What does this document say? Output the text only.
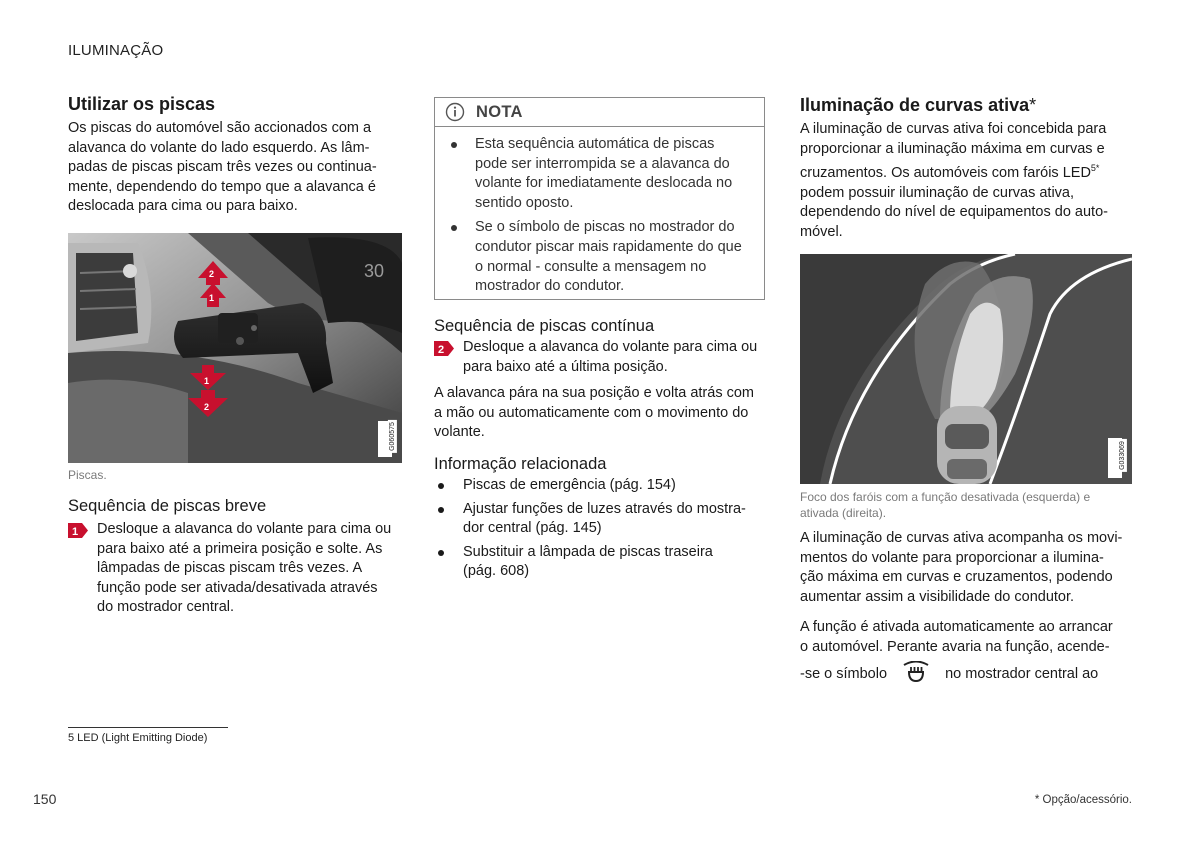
ILUMINAÇÃO
Utilizar os piscas

Os piscas do automóvel são accionados com a

alavanca do volante do lado esquerdo. As lâm-

padas de piscas piscam três vezes ou continua-

mente, dependendo do tempo que a alavanca é

deslocada para cima ou para baixo.

30
2
1
1
2
G060575
Piscas.
Sequência de piscas breve
1 Desloque a alavanca do volante para cima ou
para baixo até a primeira posição e solte. As
lâmpadas de piscas piscam três vezes. A
função pode ser ativada/desativada através
do mostrador central.
NOTA
Esta sequência automática de piscas
pode ser interrompida se a alavanca do
volante for imediatamente deslocada no
sentido oposto.
Se o símbolo de piscas no mostrador do
condutor piscar mais rapidamente do que
o normal - consulte a mensagem no
mostrador do condutor.
Sequência de piscas contínua
2 Desloque a alavanca do volante para cima ou
para baixo até a última posição.

A alavanca pára na sua posição e volta atrás com

a mão ou automaticamente com o movimento do

volante.

Informação relacionada
Piscas de emergência (pág. 154)
Ajustar funções de luzes através do mostra-
dor central (pág. 145)
Substituir a lâmpada de piscas traseira
(pág. 608)
Iluminação de curvas ativa*

A iluminação de curvas ativa foi concebida para

proporcionar a iluminação máxima em curvas e

cruzamentos. Os automóveis com faróis $LED^{5*}$

podem possuir iluminação de curvas ativa,

dependendo do nível de equipamentos do auto-

móvel.

G033069
Foco dos faróis com a função desativada (esquerda) e
ativada (direita).

A iluminação de curvas ativa acompanha os movi-

mentos do volante para proporcionar a ilumina-

ção máxima em curvas e cruzamentos, podendo

aumentar assim a visibilidade do condutor.

A função é ativada automaticamente ao arrancar

o automóvel. Perante avaria na função, acende-

-se o símbolo	no mostrador central ao

5 LED (Light Emitting Diode)
150	* Opção/acessório.
